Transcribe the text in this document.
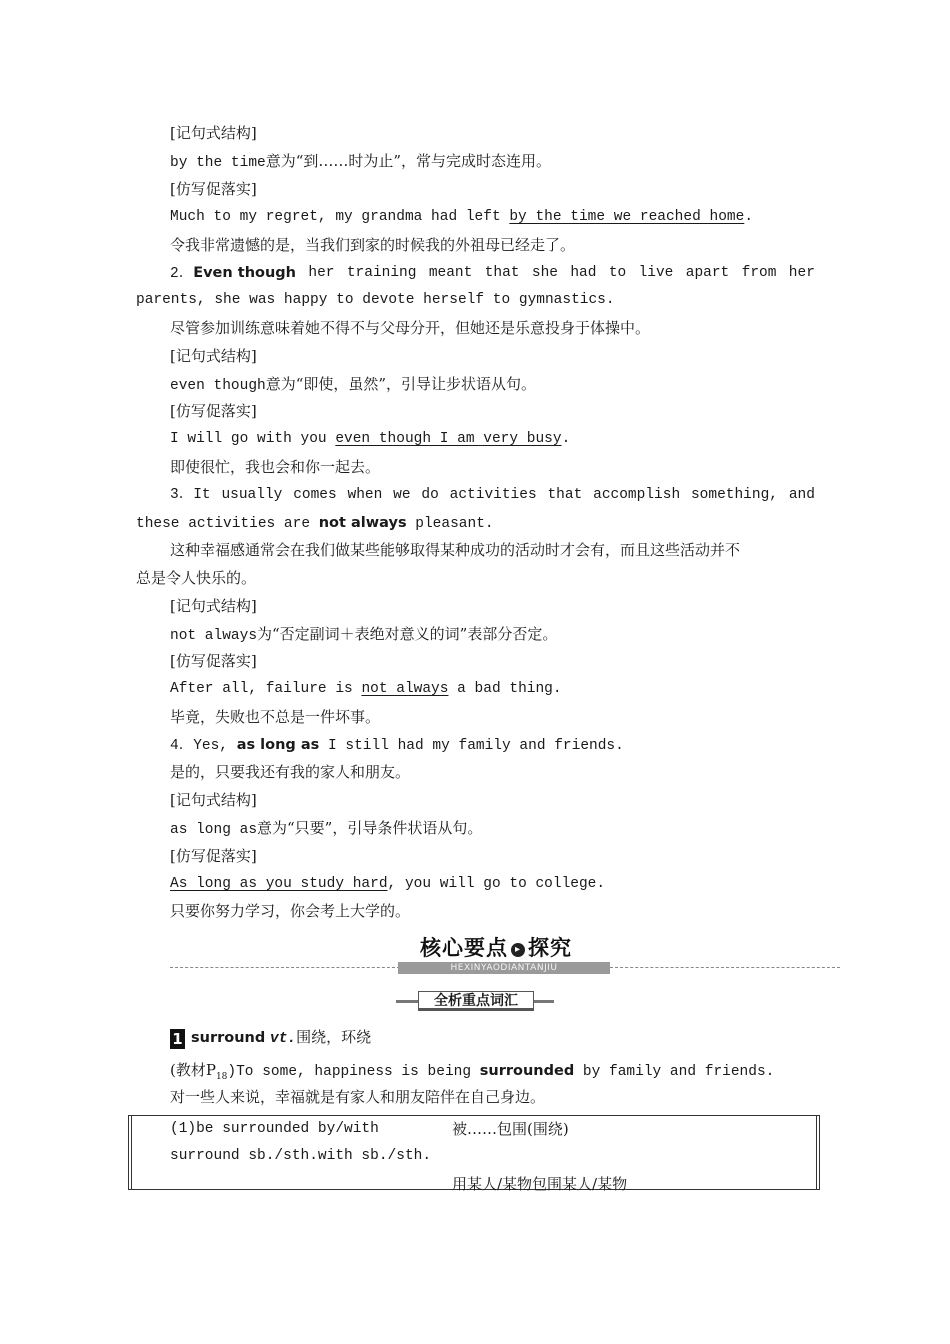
[记句式结构]
by the time意为“到……时为止”，常与完成时态连用。
[仿写促落实]
Much to my regret, my grandma had left by the time we reached home.
令我非常遗憾的是，当我们到家的时候我的外祖母已经走了。
2．Even though her training meant that she had to live apart from her
parents, she was happy to devote herself to gymnastics.
尽管参加训练意味着她不得不与父母分开，但她还是乐意投身于体操中。
[记句式结构]
even though意为“即使，虽然”，引导让步状语从句。
[仿写促落实]
I will go with you even though I am very busy.
即使很忙，我也会和你一起去。
3．It usually comes when we do activities that accomplish something, and
these activities are not always pleasant.
这种幸福感通常会在我们做某些能够取得某种成功的活动时才会有，而且这些活动并不
总是令人快乐的。
[记句式结构]
not always为“否定副词＋表绝对意义的词”表部分否定。
[仿写促落实]
After all, failure is not always a bad thing.
毕竟，失败也不总是一件坏事。
4．Yes, as long as I still had my family and friends.
是的，只要我还有我的家人和朋友。
[记句式结构]
as long as意为“只要”，引导条件状语从句。
[仿写促落实]
As long as you study hard, you will go to college.
只要你努力学习，你会考上大学的。
核心要点 ▸ 探究
HEXINYAODIANTANJIU
全析重点词汇
1 surround vt.围绕，环绕
(教材$P_{18})To$ some, happiness is being surrounded by family and friends.
对一些人来说，幸福就是有家人和朋友陪伴在自己身边。
(1)be surrounded by/with	被……包围(围绕)
surround sb./sth.with sb./sth.
用某人/某物包围某人/某物
